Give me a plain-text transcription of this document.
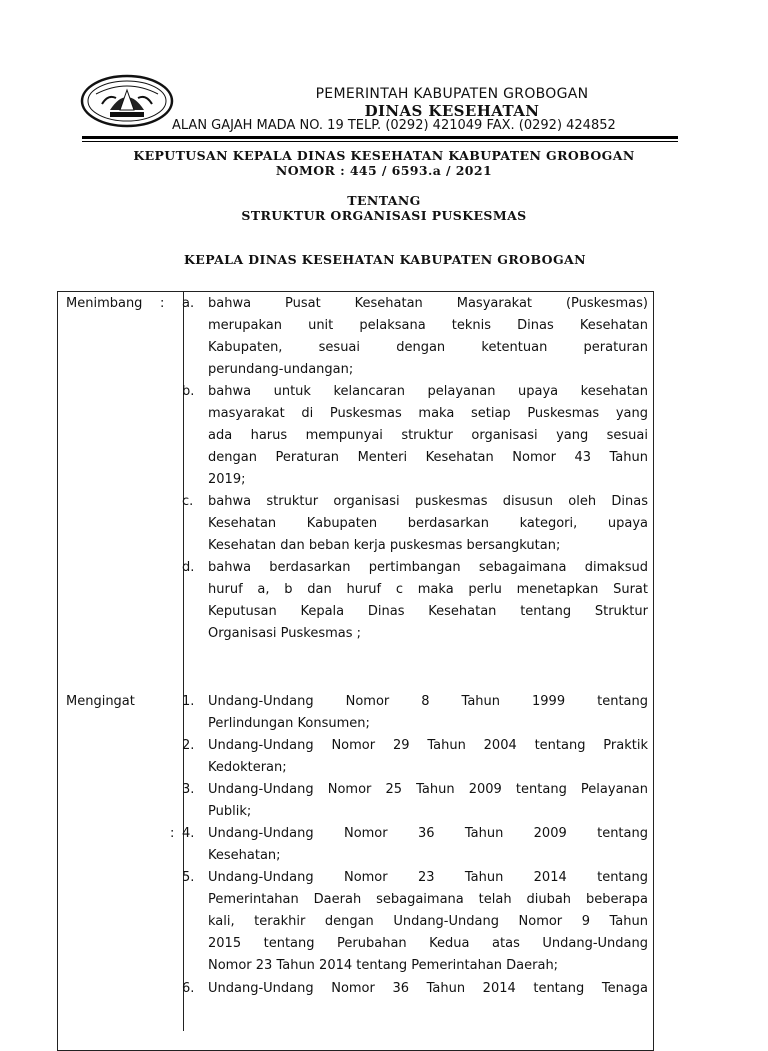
PEMERINTAH KABUPATEN GROBOGAN
DINAS KESEHATAN
ALAN GAJAH MADA NO. 19 TELP. (0292) 421049 FAX. (0292) 424852
KEPUTUSAN KEPALA DINAS KESEHATAN KABUPATEN GROBOGAN
NOMOR : 445 / 6593.a / 2021
TENTANG
STRUKTUR ORGANISASI PUSKESMAS
KEPALA DINAS KESEHATAN KABUPATEN GROBOGAN
Menimbang :
Mengingat
:
a. bahwa Pusat Kesehatan Masyarakat (Puskesmas)
merupakan unit pelaksana teknis Dinas Kesehatan
Kabupaten, sesuai dengan ketentuan peraturan
perundang-undangan;
b. bahwa untuk kelancaran pelayanan upaya kesehatan
masyarakat di Puskesmas maka setiap Puskesmas yang
ada harus mempunyai struktur organisasi yang sesuai
dengan Peraturan Menteri Kesehatan Nomor 43 Tahun
2019;
c. bahwa struktur organisasi puskesmas disusun oleh Dinas
Kesehatan Kabupaten berdasarkan kategori, upaya
Kesehatan dan beban kerja puskesmas bersangkutan;
d. bahwa berdasarkan pertimbangan sebagaimana dimaksud
huruf a, b dan huruf c maka perlu menetapkan Surat
Keputusan Kepala Dinas Kesehatan tentang Struktur
Organisasi Puskesmas ;
1. Undang-Undang Nomor 8 Tahun 1999 tentang
Perlindungan Konsumen;
2. Undang-Undang Nomor 29 Tahun 2004 tentang Praktik
Kedokteran;
3. Undang-Undang Nomor 25 Tahun 2009 tentang Pelayanan
Publik;
4. Undang-Undang Nomor 36 Tahun 2009 tentang
Kesehatan;
5. Undang-Undang Nomor 23 Tahun 2014 tentang
Pemerintahan Daerah sebagaimana telah diubah beberapa
kali, terakhir dengan Undang-Undang Nomor 9 Tahun
2015 tentang Perubahan Kedua atas Undang-Undang
Nomor 23 Tahun 2014 tentang Pemerintahan Daerah;
6. Undang-Undang Nomor 36 Tahun 2014 tentang Tenaga
